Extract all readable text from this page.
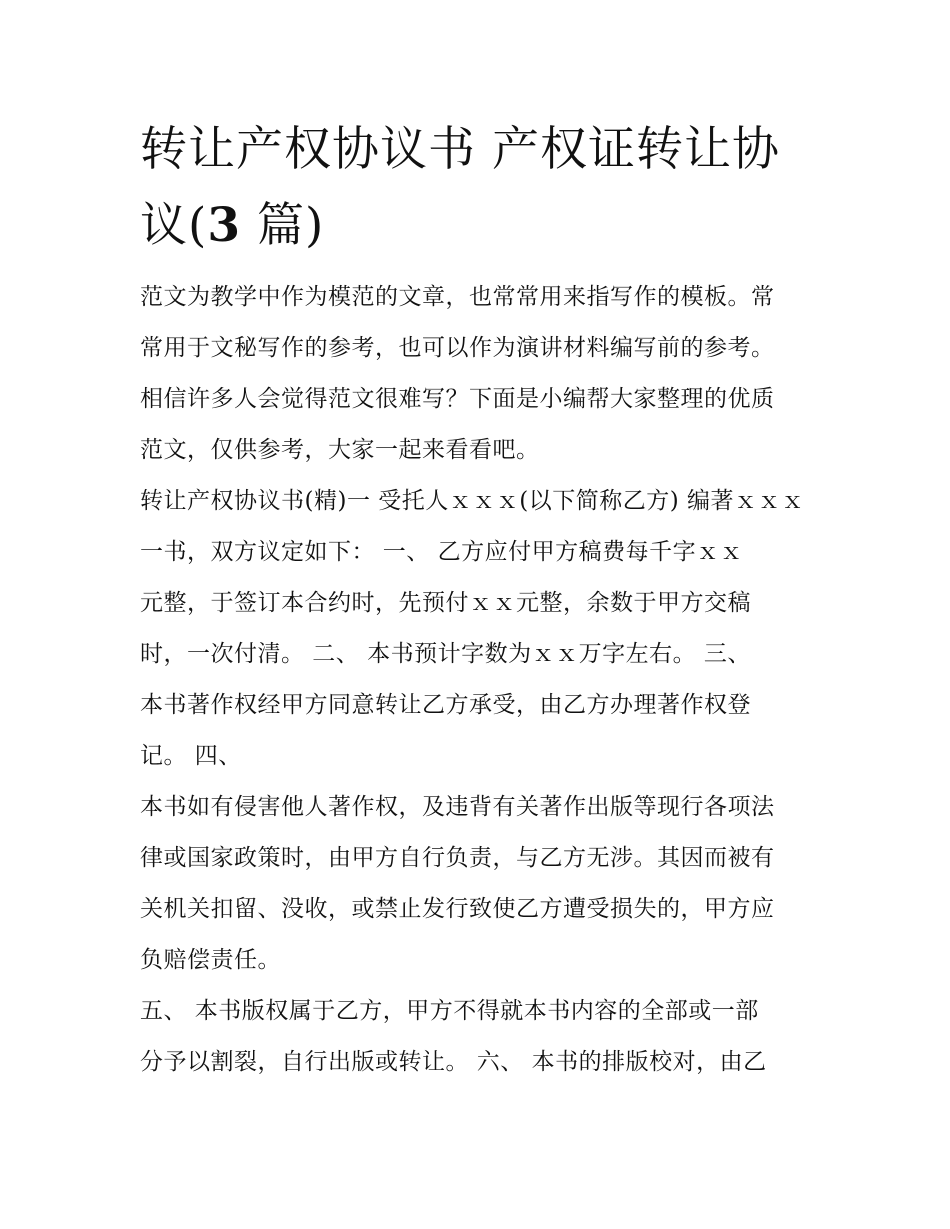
转让产权协议书 产权证转让协
议(3 篇)
范文为教学中作为模范的文章，也常常用来指写作的模板。常
常用于文秘写作的参考，也可以作为演讲材料编写前的参考。
相信许多人会觉得范文很难写？下面是小编帮大家整理的优质
范文，仅供参考，大家一起来看看吧。
转让产权协议书(精)一 受托人ｘｘｘ(以下简称乙方) 编著ｘｘｘ
一书，双方议定如下： 一、 乙方应付甲方稿费每千字ｘｘ
元整，于签订本合约时，先预付ｘｘ元整，余数于甲方交稿
时，一次付清。 二、 本书预计字数为ｘｘ万字左右。 三、
本书著作权经甲方同意转让乙方承受，由乙方办理著作权登
记。 四、
本书如有侵害他人著作权，及违背有关著作出版等现行各项法
律或国家政策时，由甲方自行负责，与乙方无涉。其因而被有
关机关扣留、没收，或禁止发行致使乙方遭受损失的，甲方应
负赔偿责任。
五、 本书版权属于乙方，甲方不得就本书内容的全部或一部
分予以割裂，自行出版或转让。 六、 本书的排版校对，由乙
